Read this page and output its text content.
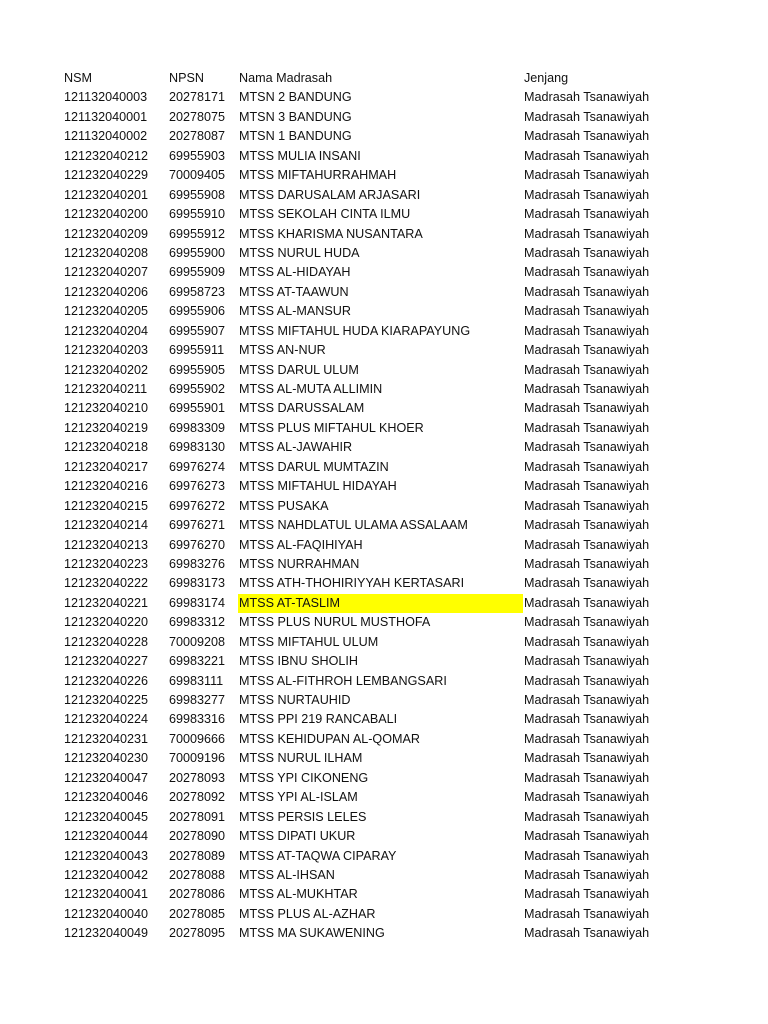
NSM	NPSN	Nama Madrasah	Jenjang
121132040003	20278171	MTSN 2 BANDUNG	Madrasah Tsanawiyah
121132040001	20278075	MTSN 3 BANDUNG	Madrasah Tsanawiyah
121132040002	20278087	MTSN 1 BANDUNG	Madrasah Tsanawiyah
121232040212	69955903	MTSS MULIA INSANI	Madrasah Tsanawiyah
121232040229	70009405	MTSS MIFTAHURRAHMAH	Madrasah Tsanawiyah
121232040201	69955908	MTSS DARUSALAM ARJASARI	Madrasah Tsanawiyah
121232040200	69955910	MTSS SEKOLAH CINTA ILMU	Madrasah Tsanawiyah
121232040209	69955912	MTSS KHARISMA NUSANTARA	Madrasah Tsanawiyah
121232040208	69955900	MTSS NURUL HUDA	Madrasah Tsanawiyah
121232040207	69955909	MTSS AL-HIDAYAH	Madrasah Tsanawiyah
121232040206	69958723	MTSS AT-TAAWUN	Madrasah Tsanawiyah
121232040205	69955906	MTSS AL-MANSUR	Madrasah Tsanawiyah
121232040204	69955907	MTSS MIFTAHUL HUDA KIARAPAYUNG	Madrasah Tsanawiyah
121232040203	69955911	MTSS AN-NUR	Madrasah Tsanawiyah
121232040202	69955905	MTSS DARUL ULUM	Madrasah Tsanawiyah
121232040211	69955902	MTSS AL-MUTA ALLIMIN	Madrasah Tsanawiyah
121232040210	69955901	MTSS DARUSSALAM	Madrasah Tsanawiyah
121232040219	69983309	MTSS PLUS MIFTAHUL KHOER	Madrasah Tsanawiyah
121232040218	69983130	MTSS AL-JAWAHIR	Madrasah Tsanawiyah
121232040217	69976274	MTSS DARUL MUMTAZIN	Madrasah Tsanawiyah
121232040216	69976273	MTSS MIFTAHUL HIDAYAH	Madrasah Tsanawiyah
121232040215	69976272	MTSS PUSAKA	Madrasah Tsanawiyah
121232040214	69976271	MTSS NAHDLATUL ULAMA ASSALAAM	Madrasah Tsanawiyah
121232040213	69976270	MTSS AL-FAQIHIYAH	Madrasah Tsanawiyah
121232040223	69983276	MTSS NURRAHMAN	Madrasah Tsanawiyah
121232040222	69983173	MTSS ATH-THOHIRIYYAH KERTASARI	Madrasah Tsanawiyah
121232040221	69983174	MTSS AT-TASLIM	Madrasah Tsanawiyah
121232040220	69983312	MTSS PLUS NURUL MUSTHOFA	Madrasah Tsanawiyah
121232040228	70009208	MTSS MIFTAHUL ULUM	Madrasah Tsanawiyah
121232040227	69983221	MTSS IBNU SHOLIH	Madrasah Tsanawiyah
121232040226	69983111	MTSS AL-FITHROH LEMBANGSARI	Madrasah Tsanawiyah
121232040225	69983277	MTSS NURTAUHID	Madrasah Tsanawiyah
121232040224	69983316	MTSS PPI 219 RANCABALI	Madrasah Tsanawiyah
121232040231	70009666	MTSS KEHIDUPAN AL-QOMAR	Madrasah Tsanawiyah
121232040230	70009196	MTSS NURUL ILHAM	Madrasah Tsanawiyah
121232040047	20278093	MTSS YPI CIKONENG	Madrasah Tsanawiyah
121232040046	20278092	MTSS YPI AL-ISLAM	Madrasah Tsanawiyah
121232040045	20278091	MTSS PERSIS LELES	Madrasah Tsanawiyah
121232040044	20278090	MTSS DIPATI UKUR	Madrasah Tsanawiyah
121232040043	20278089	MTSS AT-TAQWA CIPARAY	Madrasah Tsanawiyah
121232040042	20278088	MTSS AL-IHSAN	Madrasah Tsanawiyah
121232040041	20278086	MTSS AL-MUKHTAR	Madrasah Tsanawiyah
121232040040	20278085	MTSS PLUS AL-AZHAR	Madrasah Tsanawiyah
121232040049	20278095	MTSS MA SUKAWENING	Madrasah Tsanawiyah
